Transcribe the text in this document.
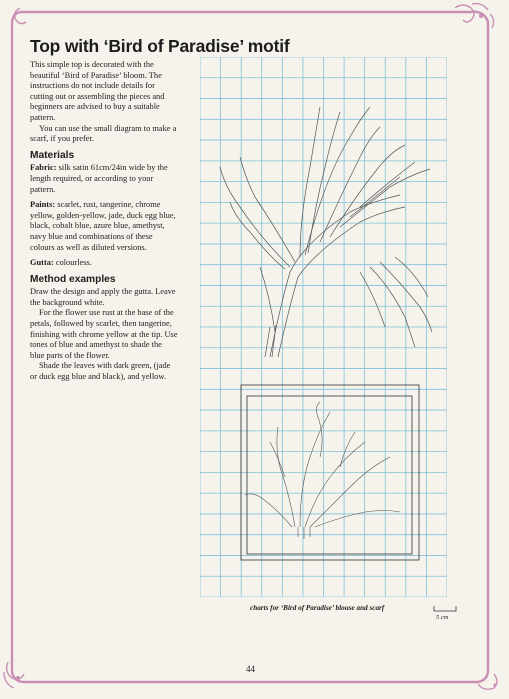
Top with ‘Bird of Paradise’ motif

This simple top is decorated with the beautiful ‘Bird of Paradise’ bloom. The instructions do not include details for cutting out or assembling the pieces and beginners are advised to buy a suitable pattern.

You can use the small diagram to make a scarf, if you prefer.

Materials

Fabric: silk satin 61cm/24in wide by the length required, or according to your pattern.

Paints: scarlet, rust, tangerine, chrome yellow, golden-yellow, jade, duck egg blue, black, cobalt blue, azure blue, amethyst, navy blue and combinations of these colours as well as diluted versions.

Gutta: colourless.

Method examples

Draw the design and apply the gutta. Leave the background white.

For the flower use rust at the base of the petals, followed by scarlet, then tangerine, finishing with chrome yellow at the tip. Use tones of blue and amethyst to shade the blue parts of the flower.

Shade the leaves with dark green, (jade or duck egg blue and black), and yellow.

charts for ‘Bird of Paradise’ blouse and scarf
5 cm
44
